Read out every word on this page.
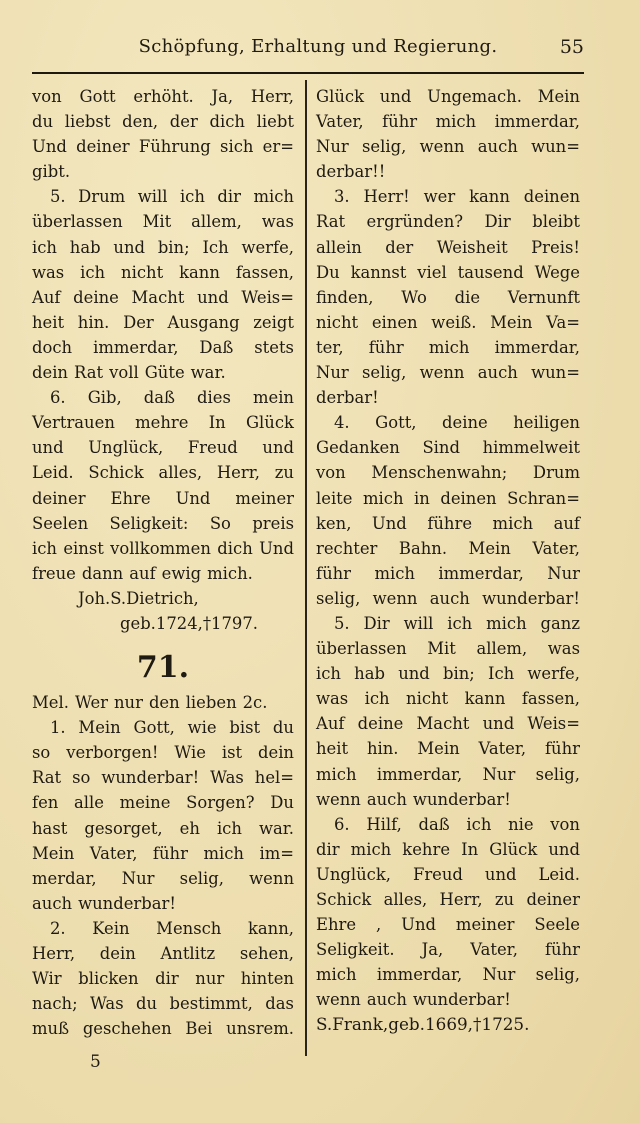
Schöpfung, Erhaltung und Regierung.	55
von Gott erhöht. Ja, Herr,
du liebst den, der dich liebt
Und deiner Führung sich er=
gibt.
5. Drum will ich dir mich
überlassen Mit allem, was
ich hab und bin; Ich werfe,
was ich nicht kann fassen,
Auf deine Macht und Weis=
heit hin. Der Ausgang zeigt
doch immerdar, Daß stets
dein Rat voll Güte war.
6. Gib, daß dies mein
Vertrauen mehre In Glück
und Unglück, Freud und
Leid. Schick alles, Herr, zu
deiner Ehre Und meiner
Seelen Seligkeit: So preis
ich einst vollkommen dich Und
freue dann auf ewig mich.
Joh. S. Dietrich,
geb. 1724, † 1797.
71.
Mel. Wer nur den lieben 2c.
1. Mein Gott, wie bist du
so verborgen! Wie ist dein
Rat so wunderbar! Was hel=
fen alle meine Sorgen? Du
hast gesorget, eh ich war.
Mein Vater, führ mich im=
merdar, Nur selig, wenn
auch wunderbar!
2. Kein Mensch kann,
Herr, dein Antlitz sehen,
Wir blicken dir nur hinten
nach; Was du bestimmt, das
muß geschehen Bei unsrem.
Glück und Ungemach. Mein
Vater, führ mich immerdar,
Nur selig, wenn auch wun=
derbar!!
3. Herr! wer kann deinen
Rat ergründen? Dir bleibt
allein der Weisheit Preis!
Du kannst viel tausend Wege
finden, Wo die Vernunft
nicht einen weiß. Mein Va=
ter, führ mich immerdar,
Nur selig, wenn auch wun=
derbar!
4. Gott, deine heiligen
Gedanken Sind himmelweit
von Menschenwahn; Drum
leite mich in deinen Schran=
ken, Und führe mich auf
rechter Bahn. Mein Vater,
führ mich immerdar, Nur
selig, wenn auch wunderbar!
5. Dir will ich mich ganz
überlassen Mit allem, was
ich hab und bin; Ich werfe,
was ich nicht kann fassen,
Auf deine Macht und Weis=
heit hin. Mein Vater, führ
mich immerdar, Nur selig,
wenn auch wunderbar!
6. Hilf, daß ich nie von
dir mich kehre In Glück und
Unglück, Freud und Leid.
Schick alles, Herr, zu deiner
Ehre , Und meiner Seele
Seligkeit. Ja, Vater, führ
mich immerdar, Nur selig,
wenn auch wunderbar!
S. Frank, geb. 1669, † 1725.
5
